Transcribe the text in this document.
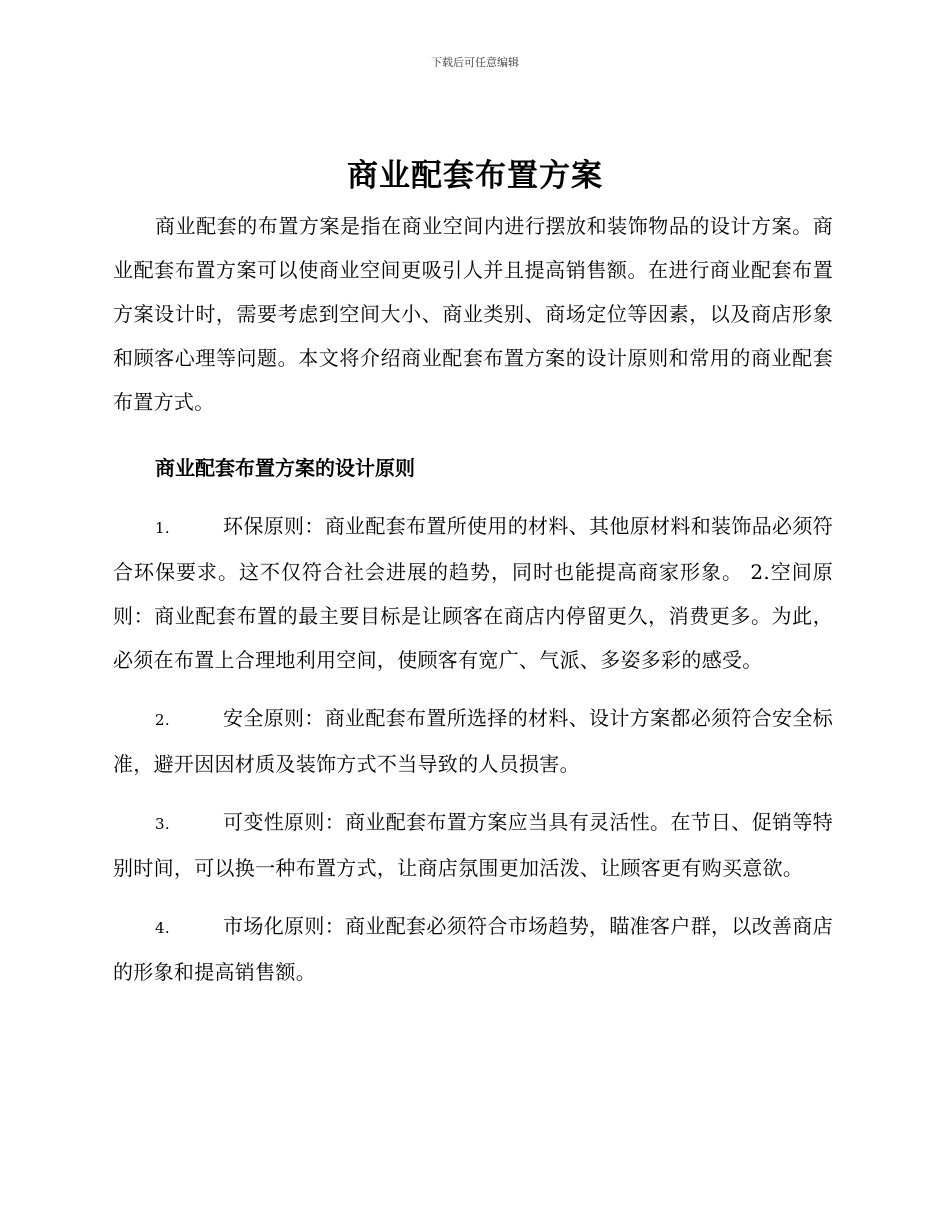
下载后可任意编辑
商业配套布置方案

商业配套的布置方案是指在商业空间内进行摆放和装饰物品的设计方案。商业配套布置方案可以使商业空间更吸引人并且提高销售额。在进行商业配套布置方案设计时，需要考虑到空间大小、商业类别、商场定位等因素，以及商店形象和顾客心理等问题。本文将介绍商业配套布置方案的设计原则和常用的商业配套布置方式。

商业配套布置方案的设计原则

1.	环保原则：商业配套布置所使用的材料、其他原材料和装饰品必须符合环保要求。这不仅符合社会进展的趋势，同时也能提高商家形象。 2.空间原则：商业配套布置的最主要目标是让顾客在商店内停留更久，消费更多。为此，必须在布置上合理地利用空间，使顾客有宽广、气派、多姿多彩的感受。

2.	安全原则：商业配套布置所选择的材料、设计方案都必须符合安全标准，避开因因材质及装饰方式不当导致的人员损害。

3.	可变性原则：商业配套布置方案应当具有灵活性。在节日、促销等特别时间，可以换一种布置方式，让商店氛围更加活泼、让顾客更有购买意欲。

4.	市场化原则：商业配套必须符合市场趋势，瞄准客户群，以改善商店的形象和提高销售额。
